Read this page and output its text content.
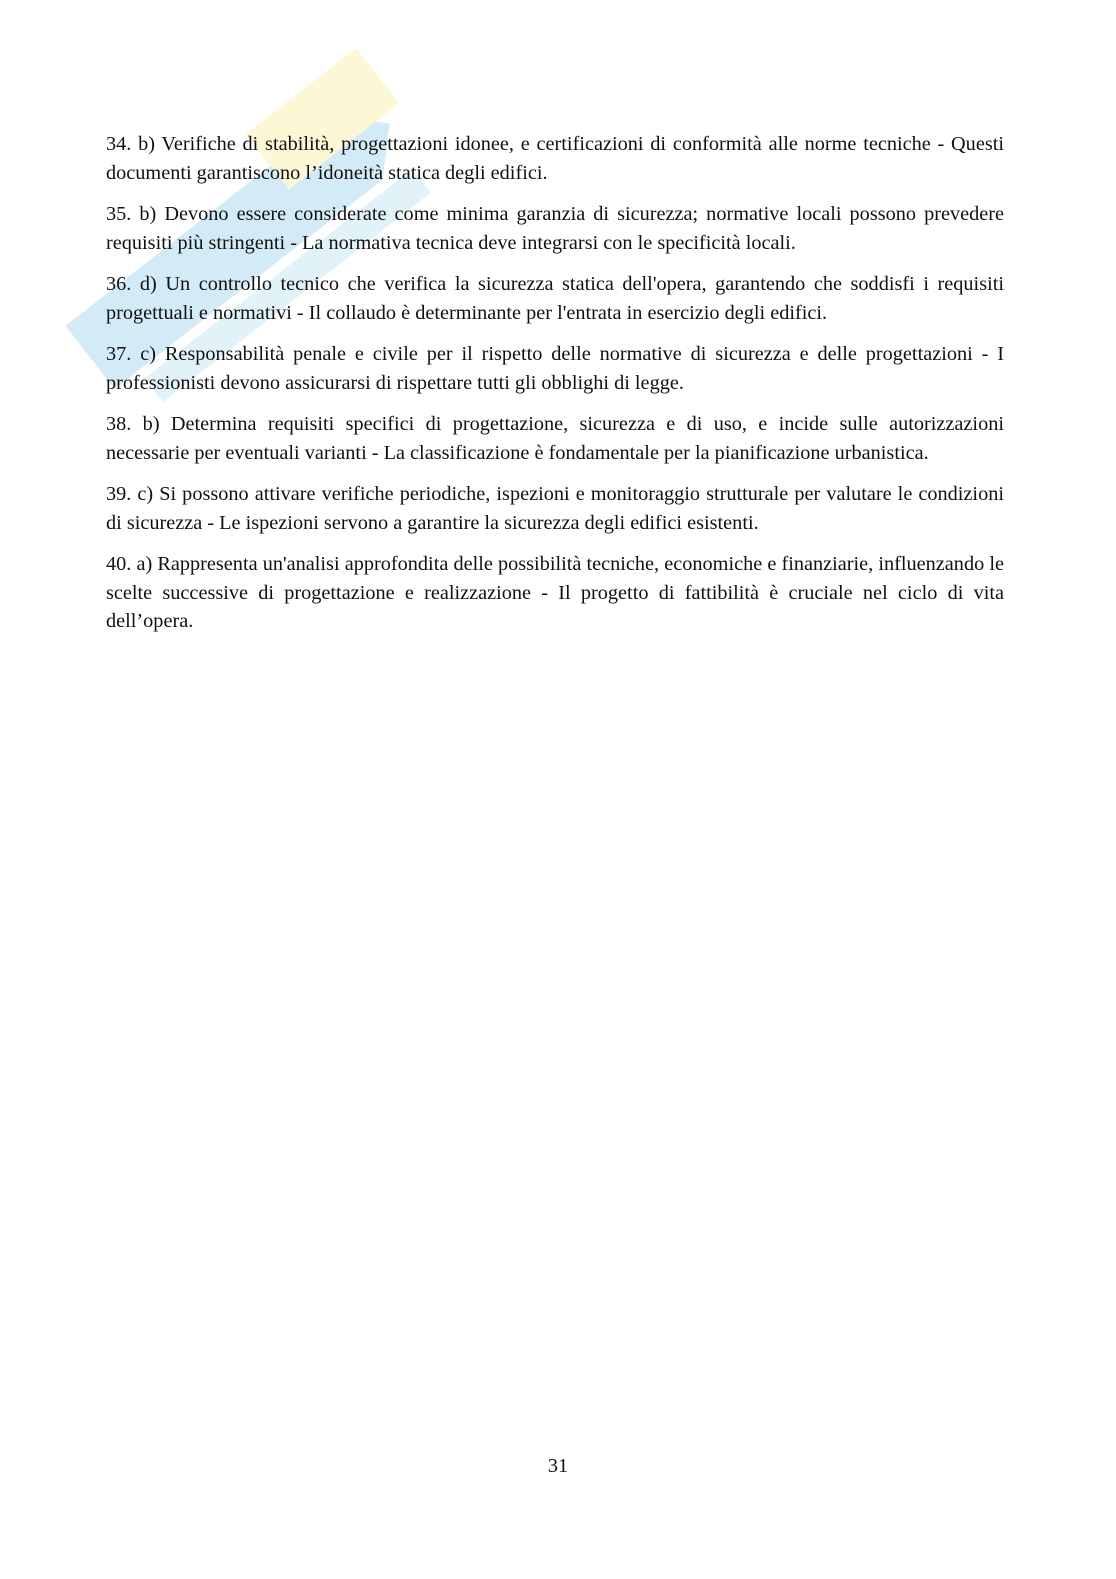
34. b) Verifiche di stabilità, progettazioni idonee, e certificazioni di conformità alle norme tecniche - Questi documenti garantiscono l’idoneità statica degli edifici.

35. b) Devono essere considerate come minima garanzia di sicurezza; normative locali possono prevedere requisiti più stringenti - La normativa tecnica deve integrarsi con le specificità locali.

36. d) Un controllo tecnico che verifica la sicurezza statica dell'opera, garantendo che soddisfi i requisiti progettuali e normativi - Il collaudo è determinante per l'entrata in esercizio degli edifici.

37. c) Responsabilità penale e civile per il rispetto delle normative di sicurezza e delle progettazioni - I professionisti devono assicurarsi di rispettare tutti gli obblighi di legge.

38. b) Determina requisiti specifici di progettazione, sicurezza e di uso, e incide sulle autorizzazioni necessarie per eventuali varianti - La classificazione è fondamentale per la pianificazione urbanistica.

39. c) Si possono attivare verifiche periodiche, ispezioni e monitoraggio strutturale per valutare le condizioni di sicurezza - Le ispezioni servono a garantire la sicurezza degli edifici esistenti.

40. a) Rappresenta un'analisi approfondita delle possibilità tecniche, economiche e finanziarie, influenzando le scelte successive di progettazione e realizzazione - Il progetto di fattibilità è cruciale nel ciclo di vita dell’opera.

31
